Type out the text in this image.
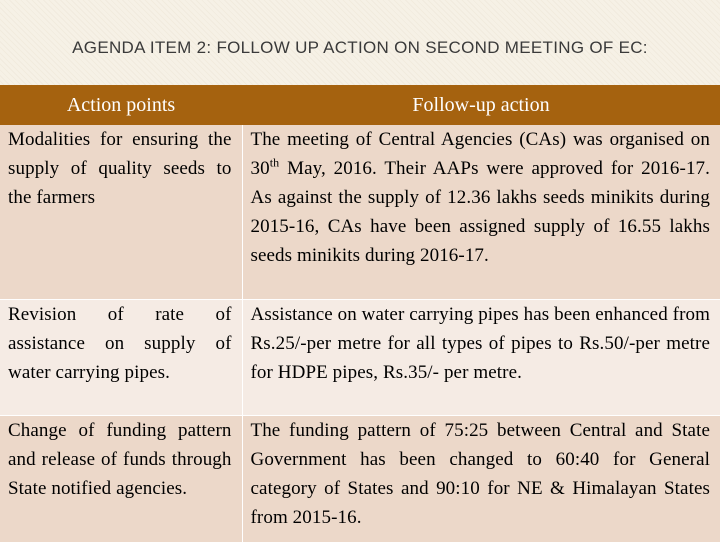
AGENDA ITEM 2: FOLLOW UP ACTION ON SECOND MEETING OF EC:
Action points	Follow-up action
Modalities for ensuring the supply of quality seeds to the farmers	The meeting of Central Agencies (CAs) was organised on 30th May, 2016. Their AAPs were approved for 2016-17. As against the supply of 12.36 lakhs seeds minikits during 2015-16, CAs have been assigned supply of 16.55 lakhs seeds minikits during 2016-17.
Revision of rate of assistance on supply of water carrying pipes.	Assistance on water carrying pipes has been enhanced from Rs.25/-per metre for all types of pipes to Rs.50/-per metre for HDPE pipes, Rs.35/- per metre.
Change of funding pattern and release of funds through State notified agencies.	The funding pattern of 75:25 between Central and State Government has been changed to 60:40 for General category of States and 90:10 for NE & Himalayan States from 2015-16.
